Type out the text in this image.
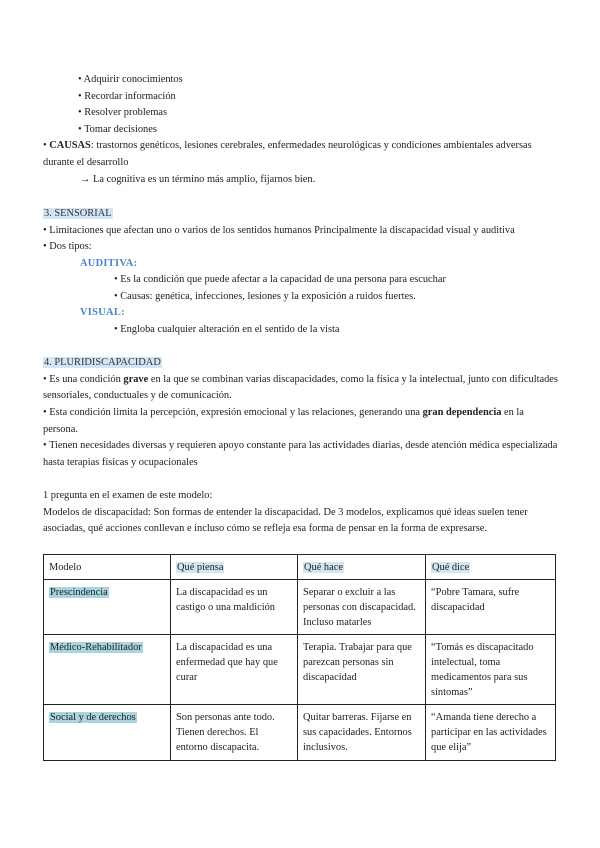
• Adquirir conocimientos
• Recordar información
• Resolver problemas
• Tomar decisiones
• CAUSAS: trastornos genéticos, lesiones cerebrales, enfermedades neurológicas y condiciones ambientales adversas
durante el desarrollo
→ La cognitiva es un término más amplio, fijarnos bien.
3. SENSORIAL
• Limitaciones que afectan uno o varios de los sentidos humanos Principalmente la discapacidad visual y auditiva
• Dos tipos:
AUDITIVA:
• Es la condición que puede afectar a la capacidad de una persona para escuchar
• Causas: genética, infecciones, lesiones y la exposición a ruidos fuertes.
VISUAL:
• Engloba cualquier alteración en el sentido de la vista
4. PLURIDISCAPACIDAD
• Es una condición grave en la que se combinan varias discapacidades, como la física y la intelectual, junto con dificultades
sensoriales, conductuales y de comunicación.
• Esta condición limita la percepción, expresión emocional y las relaciones, generando una gran dependencia en la
persona.
• Tienen necesidades diversas y requieren apoyo constante para las actividades diarias, desde atención médica especializada
hasta terapias físicas y ocupacionales
1 pregunta en el examen de este modelo:
Modelos de discapacidad: Son formas de entender la discapacidad. De 3 modelos, explicamos qué ideas suelen tener
asociadas, qué acciones conllevan e incluso cómo se refleja esa forma de pensar en la forma de expresarse.
Modelo	Qué piensa	Qué hace	Qué dice
Prescindencia	La discapacidad es un castigo o una maldición	Separar o excluir a las personas con discapacidad. Incluso matarles	“Pobre Tamara, sufre discapacidad
Médico-Rehabilitador	La discapacidad es una enfermedad que hay que curar	Terapia. Trabajar para que parezcan personas sin discapacidad	“Tomás es discapacitado intelectual, toma medicamentos para sus síntomas”
Social y de derechos	Son personas ante todo. Tienen derechos. El entorno discapacita.	Quitar barreras. Fijarse en sus capacidades. Entornos inclusivos.	“Amanda tiene derecho a participar en las actividades que elija”
